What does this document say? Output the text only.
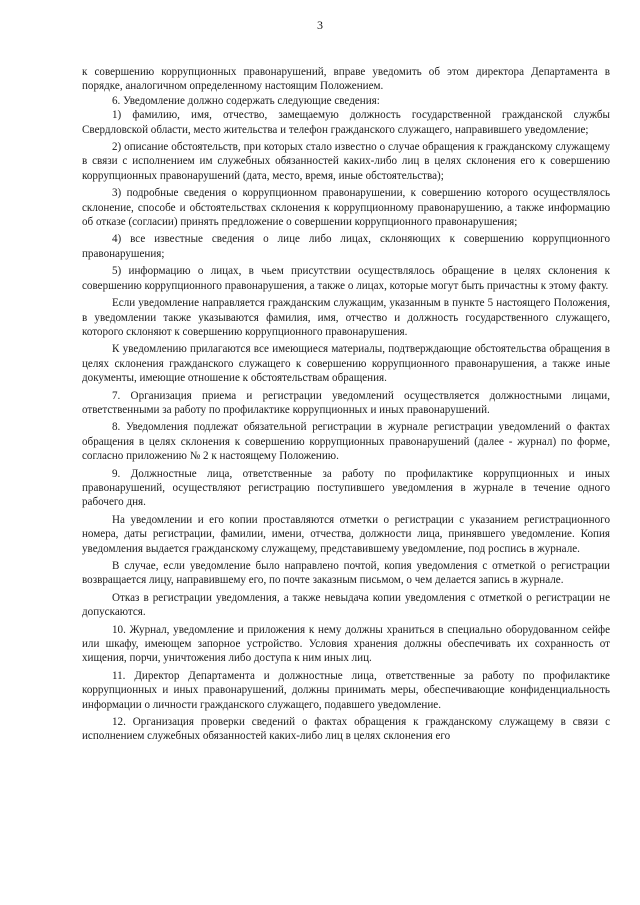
3

к совершению коррупционных правонарушений, вправе уведомить об этом директора Департамента в порядке, аналогичном определенному настоящим Положением.

6. Уведомление должно содержать следующие сведения:

1) фамилию, имя, отчество, замещаемую должность государственной гражданской службы Свердловской области, место жительства и телефон гражданского служащего, направившего уведомление;

2) описание обстоятельств, при которых стало известно о случае обращения к гражданскому служащему в связи с исполнением им служебных обязанностей каких-либо лиц в целях склонения его к совершению коррупционных правонарушений (дата, место, время, иные обстоятельства);

3) подробные сведения о коррупционном правонарушении, к совершению которого осуществлялось склонение, способе и обстоятельствах склонения к коррупционному правонарушению, а также информацию об отказе (согласии) принять предложение о совершении коррупционного правонарушения;

4) все известные сведения о лице либо лицах, склоняющих к совершению коррупционного правонарушения;

5) информацию о лицах, в чьем присутствии осуществлялось обращение в целях склонения к совершению коррупционного правонарушения, а также о лицах, которые могут быть причастны к этому факту.

Если уведомление направляется гражданским служащим, указанным в пункте 5 настоящего Положения, в уведомлении также указываются фамилия, имя, отчество и должность государственного служащего, которого склоняют к совершению коррупционного правонарушения.

К уведомлению прилагаются все имеющиеся материалы, подтверждающие обстоятельства обращения в целях склонения гражданского служащего к совершению коррупционного правонарушения, а также иные документы, имеющие отношение к обстоятельствам обращения.

7. Организация приема и регистрации уведомлений осуществляется должностными лицами, ответственными за работу по профилактике коррупционных и иных правонарушений.

8. Уведомления подлежат обязательной регистрации в журнале регистрации уведомлений о фактах обращения в целях склонения к совершению коррупционных правонарушений (далее - журнал) по форме, согласно приложению № 2 к настоящему Положению.

9. Должностные лица, ответственные за работу по профилактике коррупционных и иных правонарушений, осуществляют регистрацию поступившего уведомления в журнале в течение одного рабочего дня.

На уведомлении и его копии проставляются отметки о регистрации с указанием регистрационного номера, даты регистрации, фамилии, имени, отчества, должности лица, принявшего уведомление. Копия уведомления выдается гражданскому служащему, представившему уведомление, под роспись в журнале.

В случае, если уведомление было направлено почтой, копия уведомления с отметкой о регистрации возвращается лицу, направившему его, по почте заказным письмом, о чем делается запись в журнале.

Отказ в регистрации уведомления, а также невыдача копии уведомления с отметкой о регистрации не допускаются.

10. Журнал, уведомление и приложения к нему должны храниться в специально оборудованном сейфе или шкафу, имеющем запорное устройство. Условия хранения должны обеспечивать их сохранность от хищения, порчи, уничтожения либо доступа к ним иных лиц.

11. Директор Департамента и должностные лица, ответственные за работу по профилактике коррупционных и иных правонарушений, должны принимать меры, обеспечивающие конфиденциальность информации о личности гражданского служащего, подавшего уведомление.

12. Организация проверки сведений о фактах обращения к гражданскому служащему в связи с исполнением служебных обязанностей каких-либо лиц в целях склонения его
